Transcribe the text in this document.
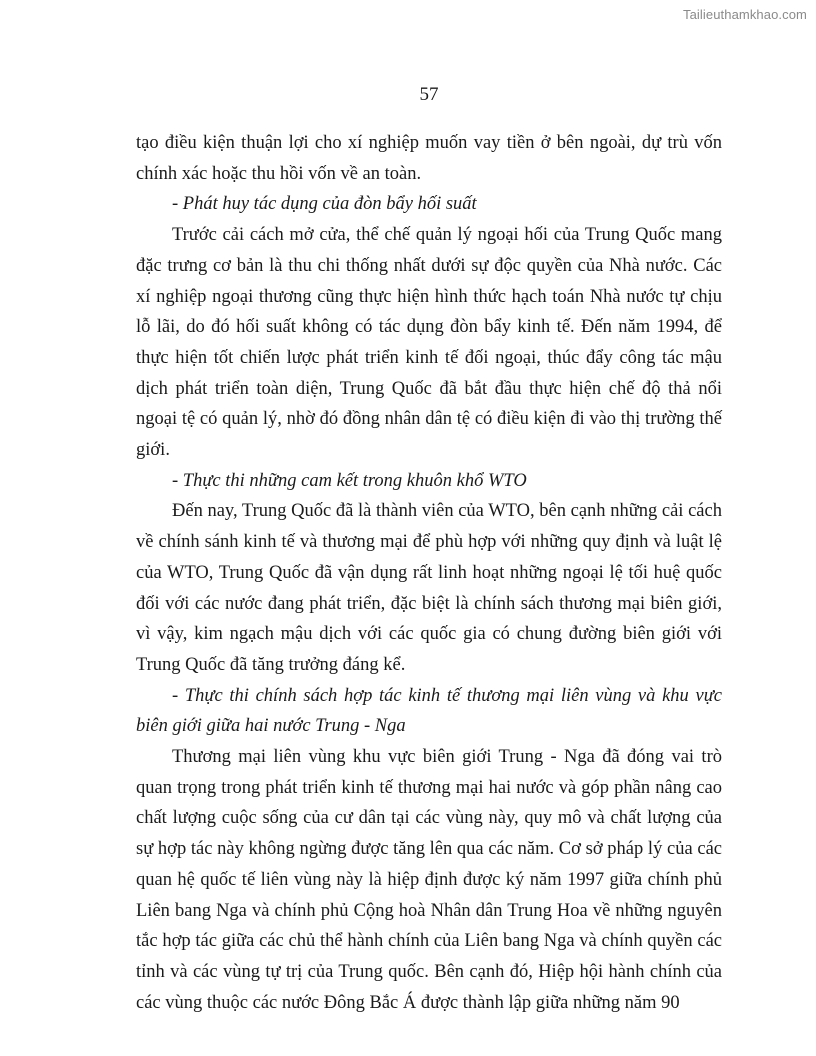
Tailieuthamkhao.com
57

tạo điều kiện thuận lợi cho xí nghiệp muốn vay tiền ở bên ngoài, dự trù vốn chính xác hoặc thu hồi vốn về an toàn.

- Phát huy tác dụng của đòn bẩy hối suất

Trước cải cách mở cửa, thể chế quản lý ngoại hối của Trung Quốc mang đặc trưng cơ bản là thu chi thống nhất dưới sự độc quyền của Nhà nước. Các xí nghiệp ngoại thương cũng thực hiện hình thức hạch toán Nhà nước tự chịu lỗ lãi, do đó hối suất không có tác dụng đòn bẩy kinh tế. Đến năm 1994, để thực hiện tốt chiến lược phát triển kinh tế đối ngoại, thúc đẩy công tác mậu dịch phát triển toàn diện, Trung Quốc đã bắt đầu thực hiện chế độ thả nổi ngoại tệ có quản lý, nhờ đó đồng nhân dân tệ có điều kiện đi vào thị trường thế giới.

- Thực thi những cam kết trong khuôn khổ WTO

Đến nay, Trung Quốc đã là thành viên của WTO, bên cạnh những cải cách về chính sánh kinh tế và thương mại để phù hợp với những quy định và luật lệ của WTO, Trung Quốc đã vận dụng rất linh hoạt những ngoại lệ tối huệ quốc đối với các nước đang phát triển, đặc biệt là chính sách thương mại biên giới, vì vậy, kim ngạch mậu dịch với các quốc gia có chung đường biên giới với Trung Quốc đã tăng trưởng đáng kể.

- Thực thi chính sách hợp tác kinh tế thương mại liên vùng và khu vực biên giới giữa hai nước Trung - Nga

Thương mại liên vùng khu vực biên giới Trung - Nga đã đóng vai trò quan trọng trong phát triển kinh tế thương mại hai nước và góp phần nâng cao chất lượng cuộc sống của cư dân tại các vùng này, quy mô và chất lượng của sự hợp tác này không ngừng được tăng lên qua các năm. Cơ sở pháp lý của các quan hệ quốc tế liên vùng này là hiệp định được ký năm 1997 giữa chính phủ Liên bang Nga và chính phủ Cộng hoà Nhân dân Trung Hoa về những nguyên tắc hợp tác giữa các chủ thể hành chính của Liên bang Nga và chính quyền các tỉnh và các vùng tự trị của Trung quốc. Bên cạnh đó, Hiệp hội hành chính của các vùng thuộc các nước Đông Bắc Á được thành lập giữa những năm 90
